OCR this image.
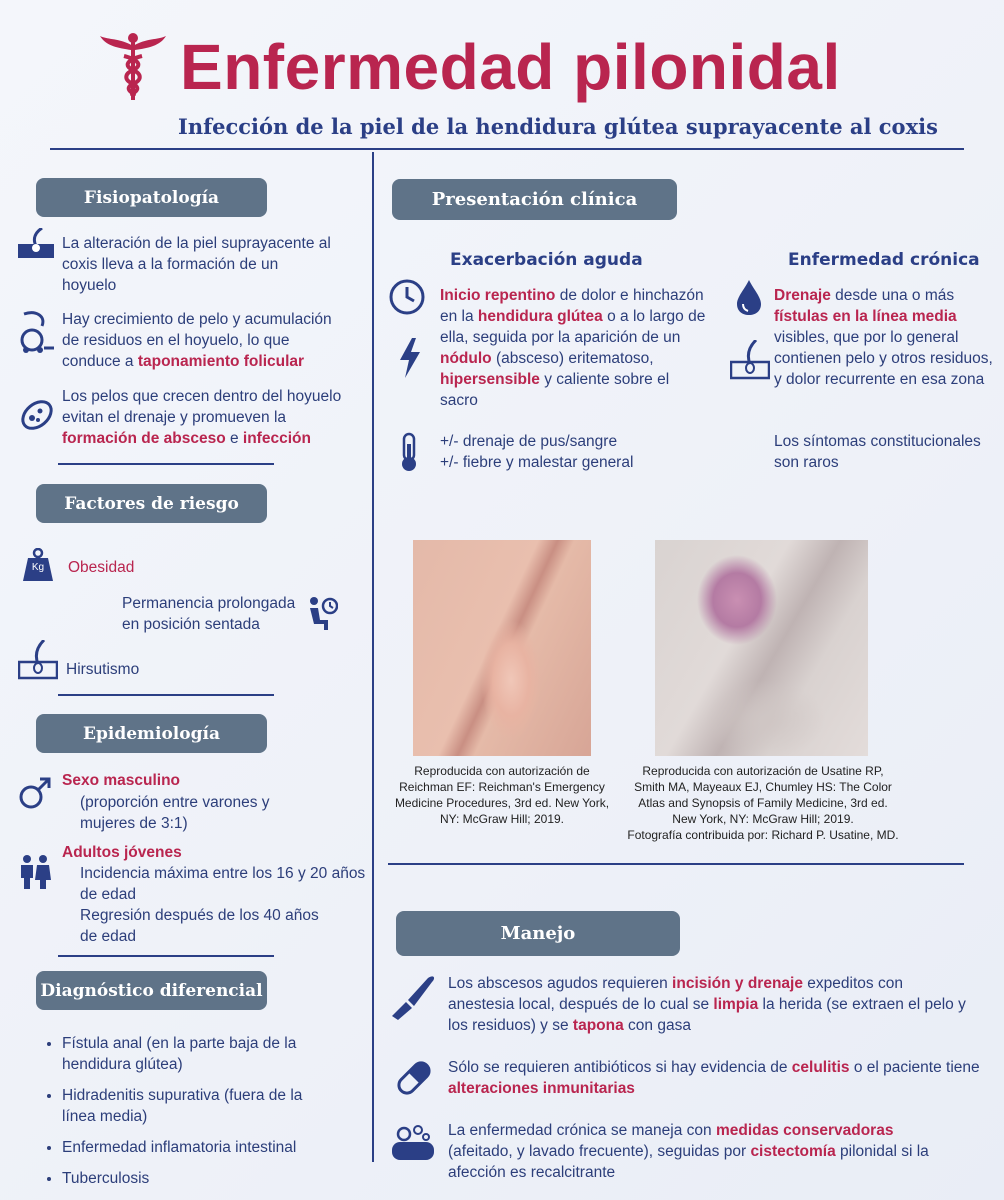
Enfermedad pilonidal
Infección de la piel de la hendidura glútea suprayacente al coxis
Fisiopatología
La alteración de la piel suprayacente al coxis lleva a la formación de un hoyuelo
Hay crecimiento de pelo y acumulación de residuos en el hoyuelo, lo que conduce a taponamiento folicular
Los pelos que crecen dentro del hoyuelo evitan el drenaje y promueven la formación de absceso e infección
Factores de riesgo
Kg	Obesidad
Permanencia prolongada en posición sentada
Hirsutismo
Epidemiología
Sexo masculino
(proporción entre varones y mujeres de 3:1)
Adultos jóvenes
Incidencia máxima entre los 16 y 20 años de edad
Regresión después de los 40 años de edad
Diagnóstico diferencial
• Fístula anal (en la parte baja de la hendidura glútea)
• Hidradenitis supurativa (fuera de la línea media)
• Enfermedad inflamatoria intestinal
• Tuberculosis
Presentación clínica
Exacerbación aguda
Inicio repentino de dolor e hinchazón en la hendidura glútea o a lo largo de ella, seguida por la aparición de un nódulo (absceso) eritematoso, hipersensible y caliente sobre el sacro
+/- drenaje de pus/sangre
+/- fiebre y malestar general
Enfermedad crónica
Drenaje desde una o más fístulas en la línea media visibles, que por lo general contienen pelo y otros residuos, y dolor recurrente en esa zona
Los síntomas constitucionales son raros
Reproducida con autorización de Reichman EF: Reichman's Emergency Medicine Procedures, 3rd ed. New York, NY: McGraw Hill; 2019.
Reproducida con autorización de Usatine RP,
Smith MA, Mayeaux EJ, Chumley HS: The Color
Atlas and Synopsis of Family Medicine, 3rd ed.
New York, NY: McGraw Hill; 2019.
Fotografía contribuida por: Richard P. Usatine, MD.
Manejo
Los abscesos agudos requieren incisión y drenaje expeditos con anestesia local, después de lo cual se limpia la herida (se extraen el pelo y los residuos) y se tapona con gasa
Sólo se requieren antibióticos si hay evidencia de celulitis o el paciente tiene alteraciones inmunitarias
La enfermedad crónica se maneja con medidas conservadoras (afeitado, y lavado frecuente), seguidas por cistectomía pilonidal si la afección es recalcitrante
